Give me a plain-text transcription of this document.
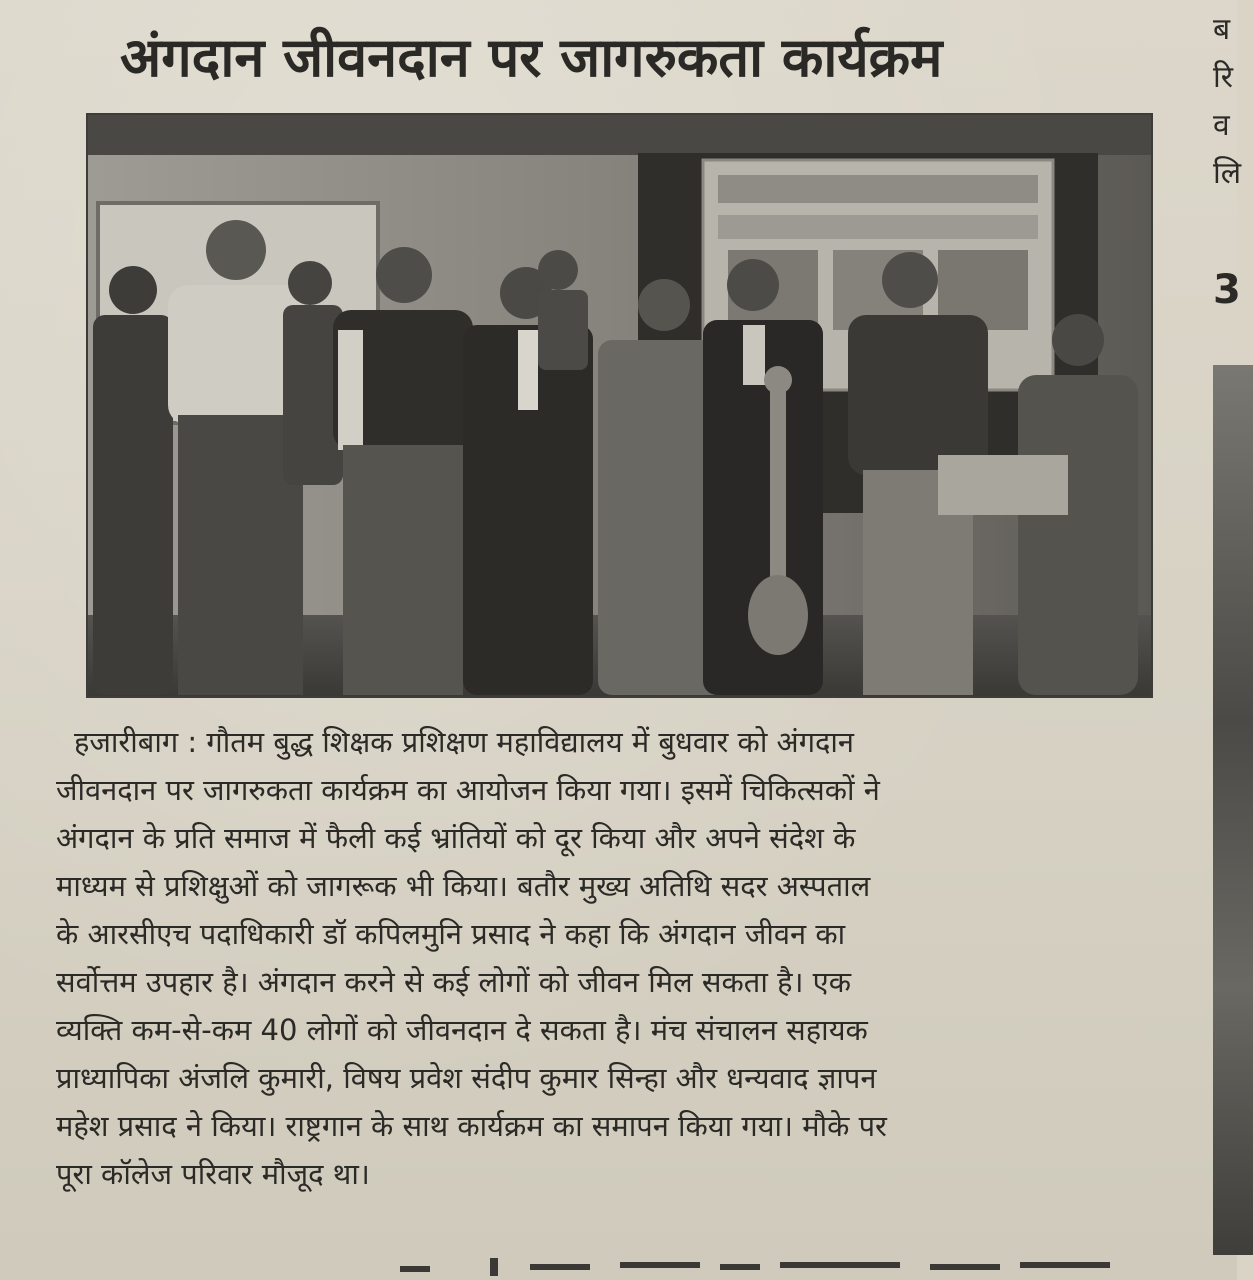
अंगदान जीवनदान पर जागरुकता कार्यक्रम
हजारीबाग : गौतम बुद्ध शिक्षक प्रशिक्षण महाविद्यालय में बुधवार को अंगदान
जीवनदान पर जागरुकता कार्यक्रम का आयोजन किया गया। इसमें चिकित्सकों ने
अंगदान के प्रति समाज में फैली कई भ्रांतियों को दूर किया और अपने संदेश के
माध्यम से प्रशिक्षुओं को जागरूक भी किया। बतौर मुख्य अतिथि सदर अस्पताल
के आरसीएच पदाधिकारी डॉ कपिलमुनि प्रसाद ने कहा कि अंगदान जीवन का
सर्वोत्तम उपहार है। अंगदान करने से कई लोगों को जीवन मिल सकता है। एक
व्यक्ति कम-से-कम 40 लोगों को जीवनदान दे सकता है। मंच संचालन सहायक
प्राध्यापिका अंजलि कुमारी, विषय प्रवेश संदीप कुमार सिन्हा और धन्यवाद ज्ञापन
महेश प्रसाद ने किया। राष्ट्रगान के साथ कार्यक्रम का समापन किया गया। मौके पर
पूरा कॉलेज परिवार मौजूद था।
ब
रि
व
लि
3
